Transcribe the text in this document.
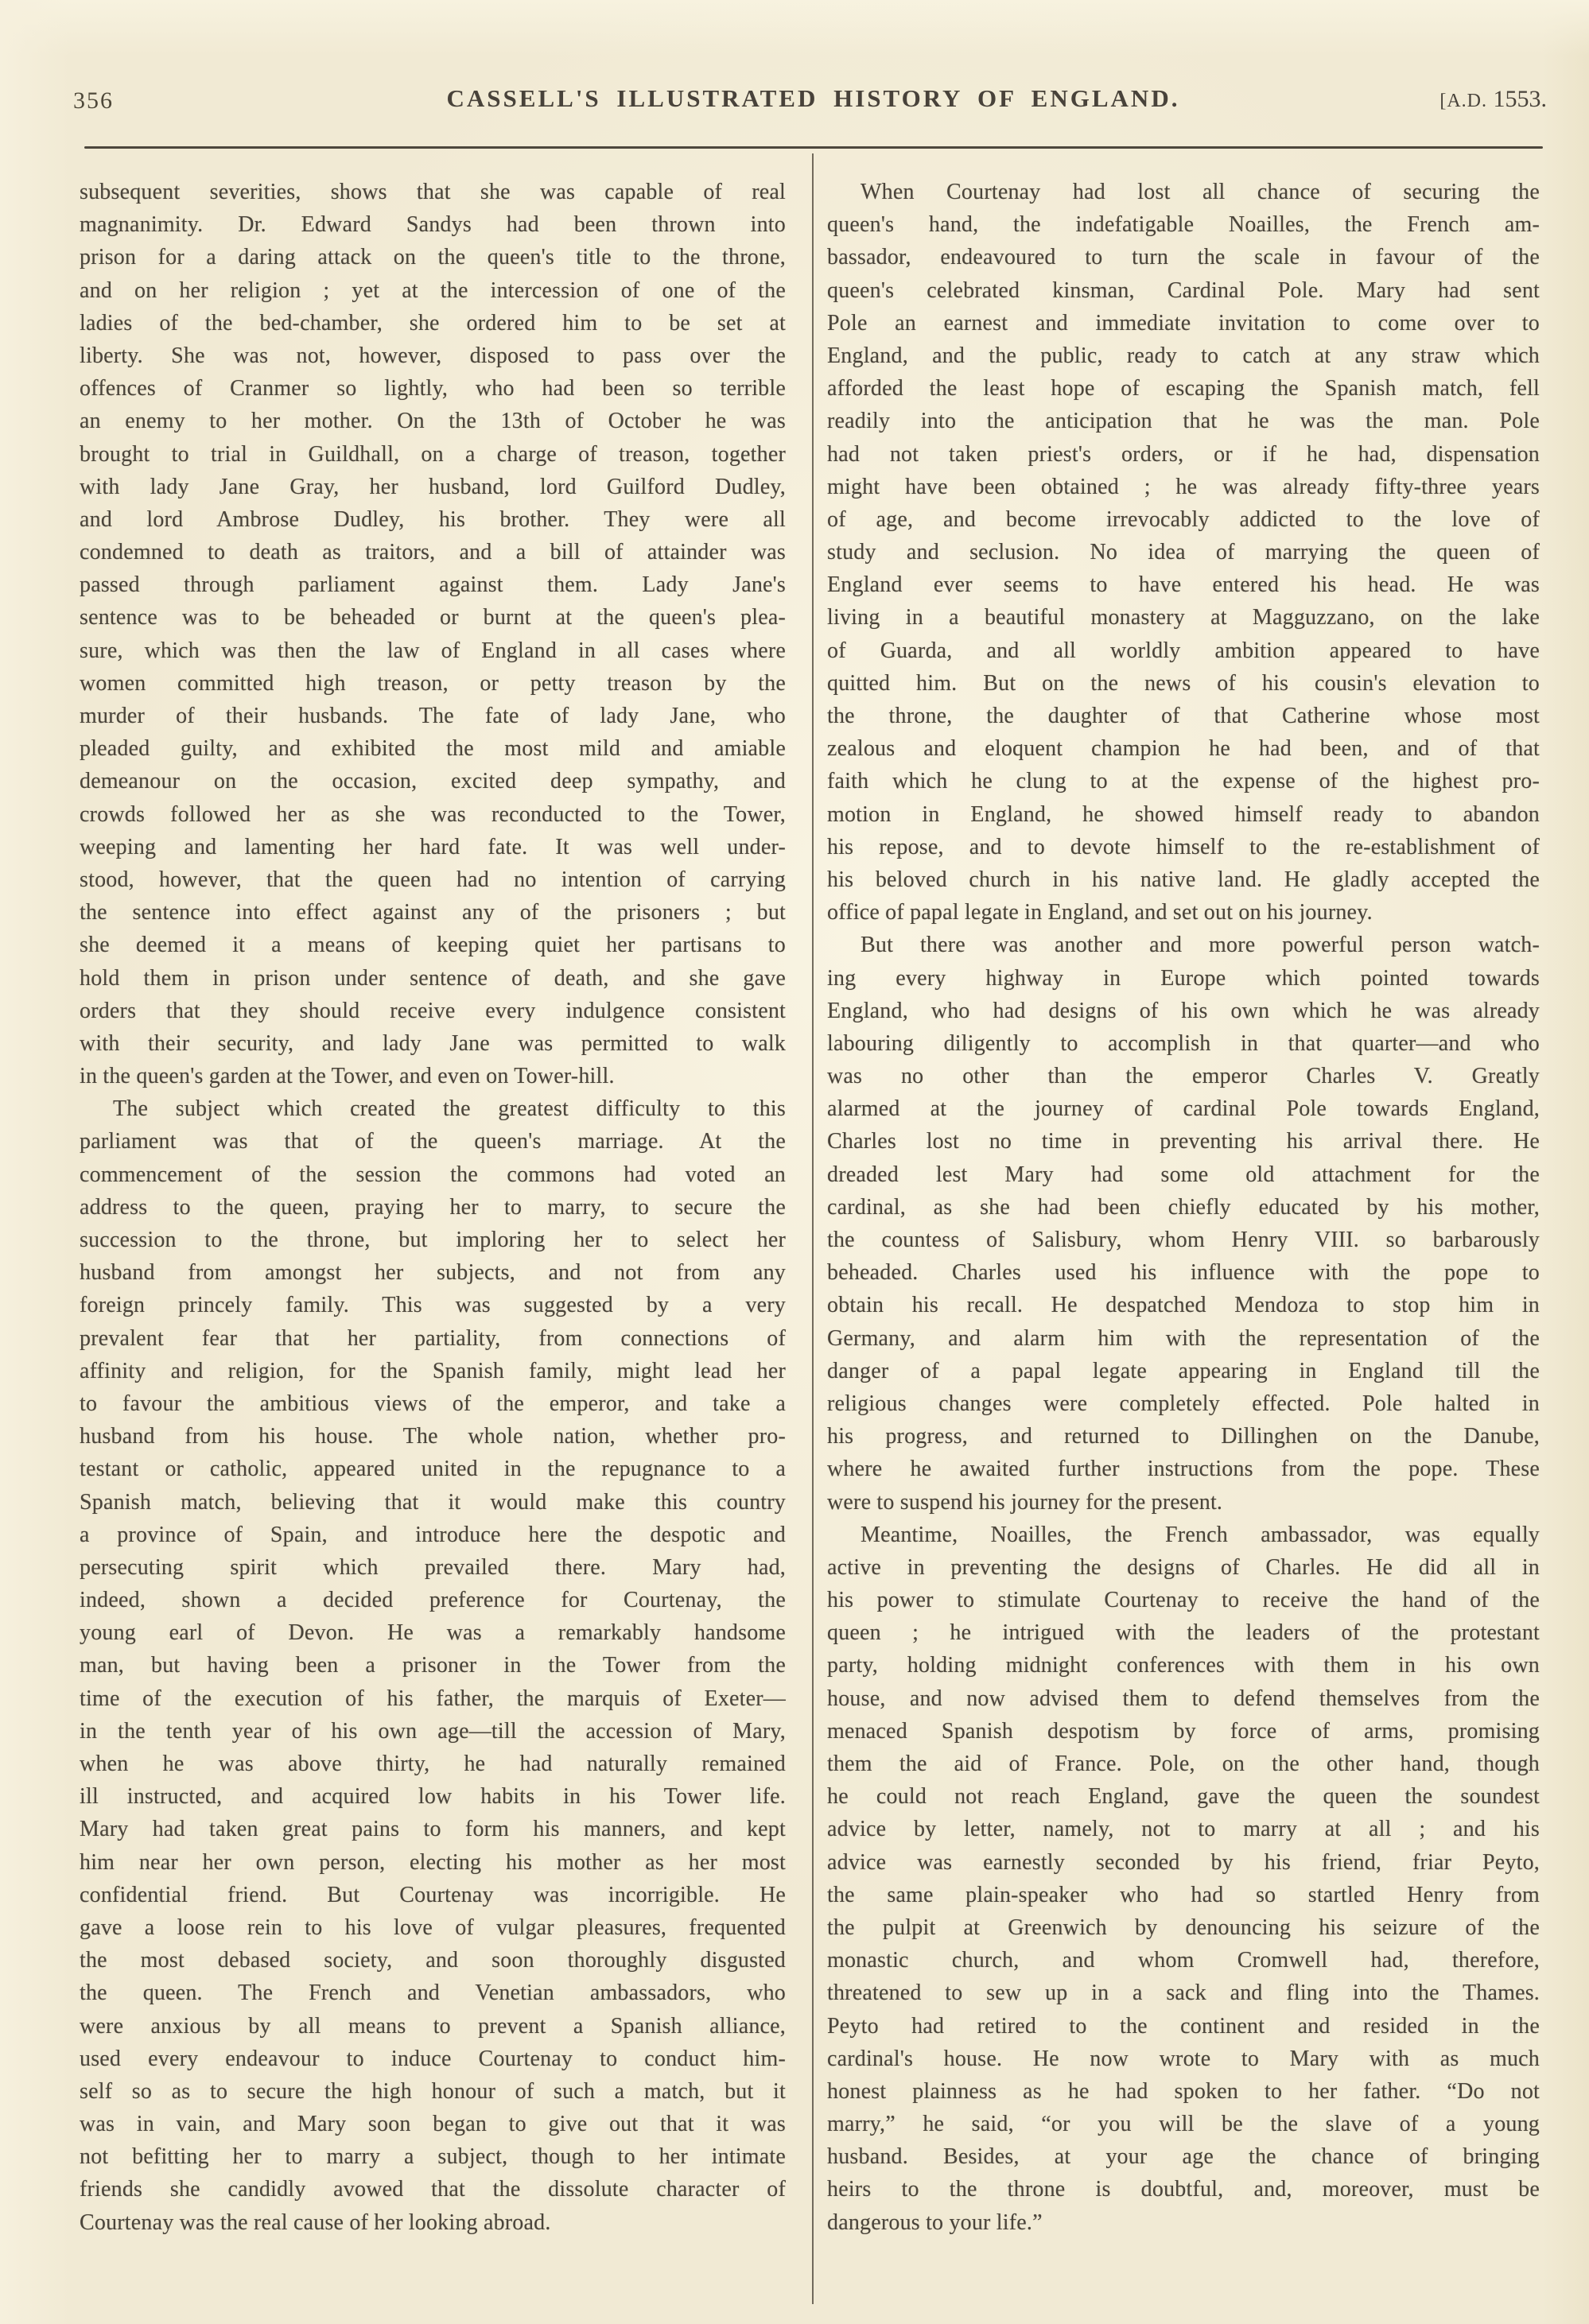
356	CASSELL'S ILLUSTRATED HISTORY OF ENGLAND.	[A.D. 1553.
subsequent severities, shows that she was capable of real
magnanimity. Dr. Edward Sandys had been thrown into
prison for a daring attack on the queen's title to the throne,
and on her religion ; yet at the intercession of one of the
ladies of the bed-chamber, she ordered him to be set at
liberty. She was not, however, disposed to pass over the
offences of Cranmer so lightly, who had been so terrible
an enemy to her mother. On the 13th of October he was
brought to trial in Guildhall, on a charge of treason, together
with lady Jane Gray, her husband, lord Guilford Dudley,
and lord Ambrose Dudley, his brother. They were all
condemned to death as traitors, and a bill of attainder was
passed through parliament against them. Lady Jane's
sentence was to be beheaded or burnt at the queen's plea-
sure, which was then the law of England in all cases where
women committed high treason, or petty treason by the
murder of their husbands. The fate of lady Jane, who
pleaded guilty, and exhibited the most mild and amiable
demeanour on the occasion, excited deep sympathy, and
crowds followed her as she was reconducted to the Tower,
weeping and lamenting her hard fate. It was well under-
stood, however, that the queen had no intention of carrying
the sentence into effect against any of the prisoners ; but
she deemed it a means of keeping quiet her partisans to
hold them in prison under sentence of death, and she gave
orders that they should receive every indulgence consistent
with their security, and lady Jane was permitted to walk
in the queen's garden at the Tower, and even on Tower-hill.
The subject which created the greatest difficulty to this
parliament was that of the queen's marriage. At the
commencement of the session the commons had voted an
address to the queen, praying her to marry, to secure the
succession to the throne, but imploring her to select her
husband from amongst her subjects, and not from any
foreign princely family. This was suggested by a very
prevalent fear that her partiality, from connections of
affinity and religion, for the Spanish family, might lead her
to favour the ambitious views of the emperor, and take a
husband from his house. The whole nation, whether pro-
testant or catholic, appeared united in the repugnance to a
Spanish match, believing that it would make this country
a province of Spain, and introduce here the despotic and
persecuting spirit which prevailed there. Mary had,
indeed, shown a decided preference for Courtenay, the
young earl of Devon. He was a remarkably handsome
man, but having been a prisoner in the Tower from the
time of the execution of his father, the marquis of Exeter—
in the tenth year of his own age—till the accession of Mary,
when he was above thirty, he had naturally remained
ill instructed, and acquired low habits in his Tower life.
Mary had taken great pains to form his manners, and kept
him near her own person, electing his mother as her most
confidential friend. But Courtenay was incorrigible. He
gave a loose rein to his love of vulgar pleasures, frequented
the most debased society, and soon thoroughly disgusted
the queen. The French and Venetian ambassadors, who
were anxious by all means to prevent a Spanish alliance,
used every endeavour to induce Courtenay to conduct him-
self so as to secure the high honour of such a match, but it
was in vain, and Mary soon began to give out that it was
not befitting her to marry a subject, though to her intimate
friends she candidly avowed that the dissolute character of
Courtenay was the real cause of her looking abroad.
When Courtenay had lost all chance of securing the
queen's hand, the indefatigable Noailles, the French am-
bassador, endeavoured to turn the scale in favour of the
queen's celebrated kinsman, Cardinal Pole. Mary had sent
Pole an earnest and immediate invitation to come over to
England, and the public, ready to catch at any straw which
afforded the least hope of escaping the Spanish match, fell
readily into the anticipation that he was the man. Pole
had not taken priest's orders, or if he had, dispensation
might have been obtained ; he was already fifty-three years
of age, and become irrevocably addicted to the love of
study and seclusion. No idea of marrying the queen of
England ever seems to have entered his head. He was
living in a beautiful monastery at Magguzzano, on the lake
of Guarda, and all worldly ambition appeared to have
quitted him. But on the news of his cousin's elevation to
the throne, the daughter of that Catherine whose most
zealous and eloquent champion he had been, and of that
faith which he clung to at the expense of the highest pro-
motion in England, he showed himself ready to abandon
his repose, and to devote himself to the re-establishment of
his beloved church in his native land. He gladly accepted the
office of papal legate in England, and set out on his journey.
But there was another and more powerful person watch-
ing every highway in Europe which pointed towards
England, who had designs of his own which he was already
labouring diligently to accomplish in that quarter—and who
was no other than the emperor Charles V. Greatly
alarmed at the journey of cardinal Pole towards England,
Charles lost no time in preventing his arrival there. He
dreaded lest Mary had some old attachment for the
cardinal, as she had been chiefly educated by his mother,
the countess of Salisbury, whom Henry VIII. so barbarously
beheaded. Charles used his influence with the pope to
obtain his recall. He despatched Mendoza to stop him in
Germany, and alarm him with the representation of the
danger of a papal legate appearing in England till the
religious changes were completely effected. Pole halted in
his progress, and returned to Dillinghen on the Danube,
where he awaited further instructions from the pope. These
were to suspend his journey for the present.
Meantime, Noailles, the French ambassador, was equally
active in preventing the designs of Charles. He did all in
his power to stimulate Courtenay to receive the hand of the
queen ; he intrigued with the leaders of the protestant
party, holding midnight conferences with them in his own
house, and now advised them to defend themselves from the
menaced Spanish despotism by force of arms, promising
them the aid of France. Pole, on the other hand, though
he could not reach England, gave the queen the soundest
advice by letter, namely, not to marry at all ; and his
advice was earnestly seconded by his friend, friar Peyto,
the same plain-speaker who had so startled Henry from
the pulpit at Greenwich by denouncing his seizure of the
monastic church, and whom Cromwell had, therefore,
threatened to sew up in a sack and fling into the Thames.
Peyto had retired to the continent and resided in the
cardinal's house. He now wrote to Mary with as much
honest plainness as he had spoken to her father. “Do not
marry,” he said, “or you will be the slave of a young
husband. Besides, at your age the chance of bringing
heirs to the throne is doubtful, and, moreover, must be
dangerous to your life.”
